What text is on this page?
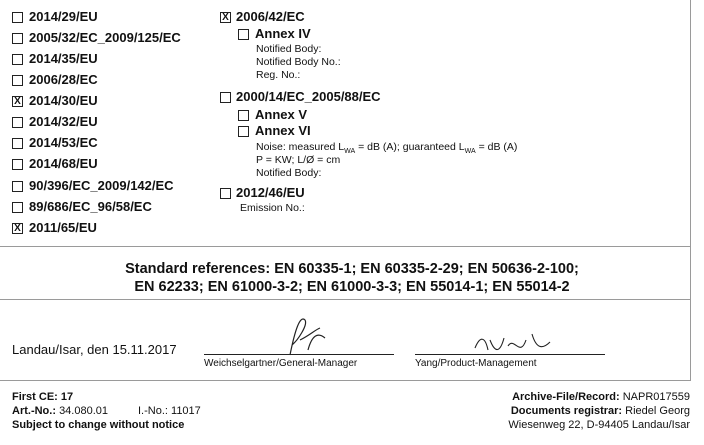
2014/29/EU
2005/32/EC_2009/125/EC
2014/35/EU
2006/28/EC
X 2014/30/EU
2014/32/EU
2014/53/EC
2014/68/EU
90/396/EC_2009/142/EC
89/686/EC_96/58/EC
X 2011/65/EU
X 2006/42/EC
Annex IV
Notified Body:
Notified Body No.:
Reg. No.:
2000/14/EC_2005/88/EC
Annex V
Annex VI
Noise: measured $L_{WA}$ = dB (A); guaranteed $L_{WA}$ = dB (A)
P = KW; L/Ø = cm
Notified Body:
2012/46/EU
Emission No.:
Standard references: EN 60335-1; EN 60335-2-29; EN 50636-2-100;
EN 62233; EN 61000-3-2; EN 61000-3-3; EN 55014-1; EN 55014-2
Landau/Isar, den 15.11.2017
Weichselgartner/General-Manager	Yang/Product-Management
First CE: 17
Art.-No.: 34.080.01	I.-No.: 11017
Subject to change without notice
Archive-File/Record: NAPR017559
Documents registrar: Riedel Georg
Wiesenweg 22, D-94405 Landau/Isar
